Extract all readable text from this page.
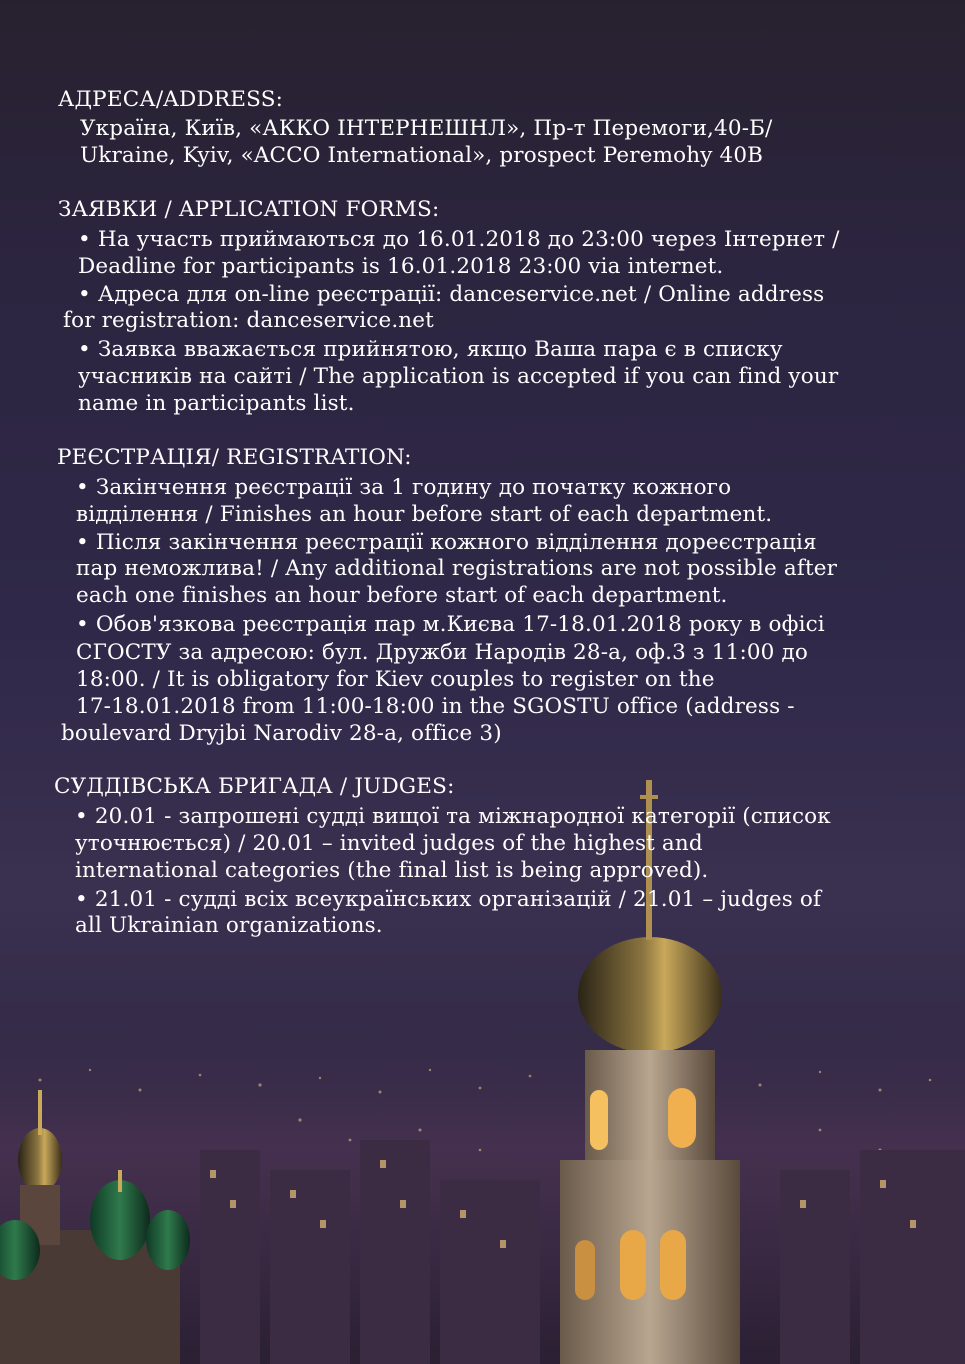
АДРЕСА/ADDRESS:
Україна, Київ, «АККО ІНТЕРНЕШНЛ», Пр-т Перемоги,40-Б/
Ukraine, Kyiv, «ACCO International», prospect Peremohy 40B
ЗАЯВКИ / APPLICATION FORMS:
• На участь приймаються до 16.01.2018 до 23:00 через Інтернет /
Deadline for participants is 16.01.2018 23:00 via internet.
• Адреса для on-line реєстрації: danceservice.net / Online address
for registration: danceservice.net
• Заявка вважається прийнятою, якщо Ваша пара є в списку
учасників на сайті / The application is accepted if you can find your
name in participants list.
РЕЄСТРАЦІЯ/ REGISTRATION:
• Закінчення реєстрації за 1 годину до початку кожного
відділення / Finishes an hour before start of each department.
• Після закінчення реєстрації кожного відділення дореєстрація
пар неможлива! / Any additional registrations are not possible after
each one finishes an hour before start of each department.
• Обов'язкова реєстрація пар м.Києва 17-18.01.2018 року в офісі
СГОСТУ за адресою: бул. Дружби Народів 28-а, оф.3 з 11:00 до
18:00. / It is obligatory for Kiev couples to register on the
17-18.01.2018 from 11:00-18:00 in the SGOSTU office (address -
boulevard Dryjbi Narodiv 28-a, office 3)
СУДДІВСЬКА БРИГАДА / JUDGES:
• 20.01 - запрошені судді вищої та міжнародної категорії (список
уточнюється) / 20.01 – invited judges of the highest and
international categories (the final list is being approved).
• 21.01 - судді всіх всеукраїнських організацій / 21.01 – judges of
all Ukrainian organizations.
